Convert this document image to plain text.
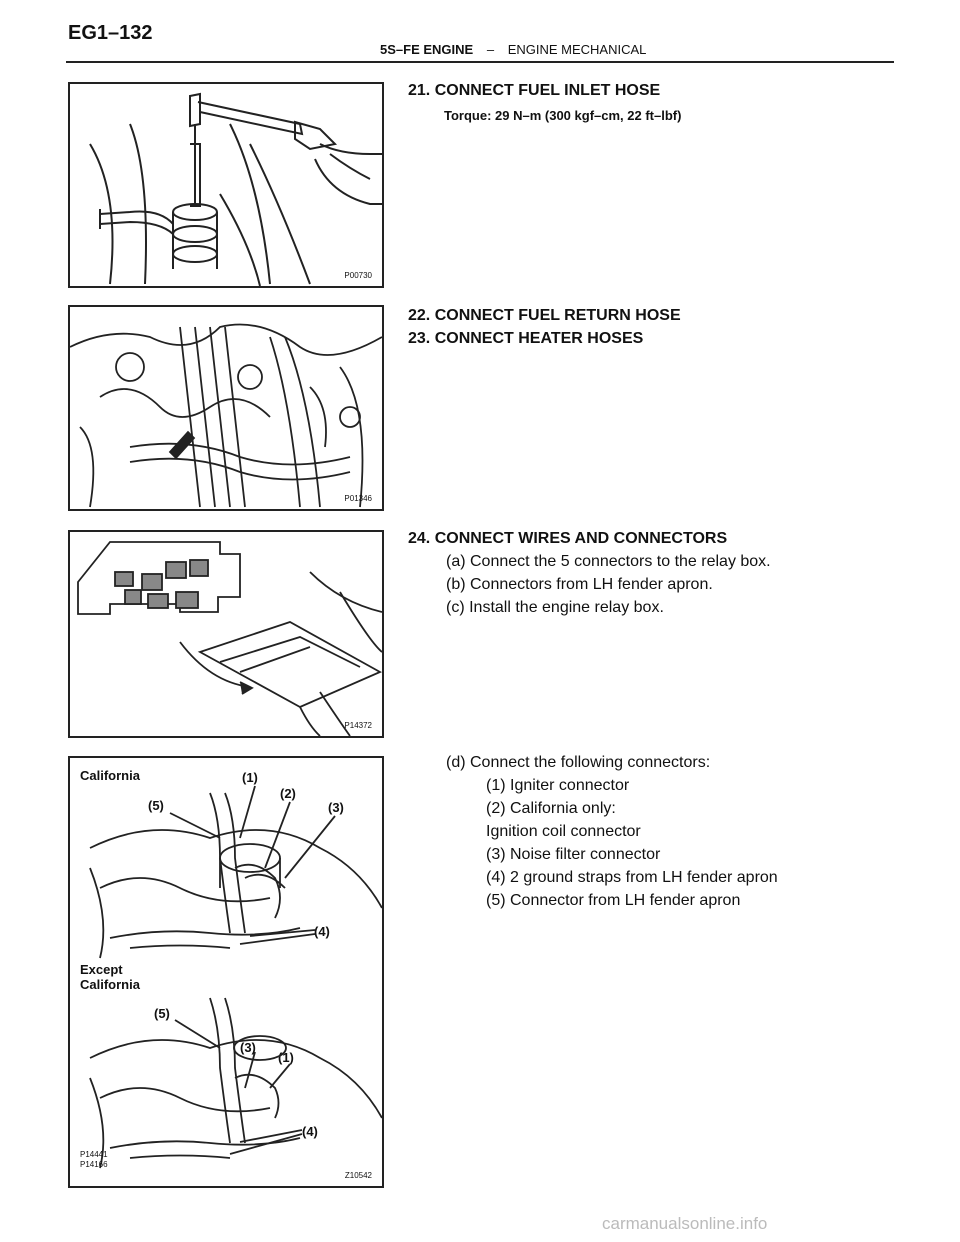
EG1–132
5S–FE ENGINE – ENGINE MECHANICAL
P00730
P01346
P14372
California
Except
California
(1)
(2)
(3)
(4)
(5)
(5)
(3)
(1)
(4)
P14441
P14166
Z10542
21. CONNECT FUEL INLET HOSE
Torque: 29 N–m (300 kgf–cm, 22 ft–lbf)
22. CONNECT FUEL RETURN HOSE
23. CONNECT HEATER HOSES
24. CONNECT WIRES AND CONNECTORS
(a) Connect the 5 connectors to the relay box.
(b) Connectors from LH fender apron.
(c) Install the engine relay box.
(d) Connect the following connectors:
(1) Igniter connector
(2) California only:
Ignition coil connector
(3) Noise filter connector
(4) 2 ground straps from LH fender apron
(5) Connector from LH fender apron
carmanualsonline.info
